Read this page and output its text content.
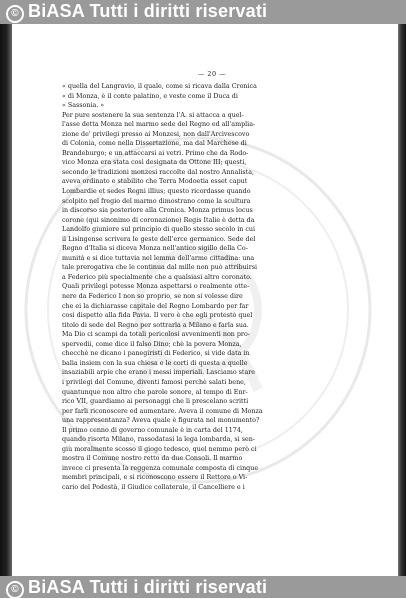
© BiASA Tutti i diritti riservati
— 20 —
« quella del Langravio, il quale, come si ricava dalla Cronica
« di Monza, è il conte palatino, e veste come il Duca di
« Sassonia. »
Per pure sostenere la sua sentenza l'A. si attacca a quel-
l'asse detta Monza nel marmo sede del Regno ed all'amplia-
zione de' privilegi presso ai Monzesi, non dall'Arcivescovo
di Colonia, come nella Dissertazione, ma dal Marchese di
Brandeburgo; e un attaccarsi ai vetri. Primo che da Rodo-
vico Monza era stata così designata da Ottone III; questi,
secondo le tradizioni monzesi raccolte dal nostro Annalista,
aveva ordinato e stabilito che Terra Modoetia esset caput
Lombardie et sedes Regni illius; questo ricordasse quando
scolpito nel fregio del marmo dimostrano come la scultura
in discorso sia posteriore alla Cronica. Monza primus locus
corone (qui sinonimo di coronazione) Regis Italie è detta da
Landolfo giuniore sul principio di quello stesso secolo in cui
il Lisingense scrivera le geste dell'erce germanico. Sede del
Regno d'Italia si diceva Monza nell'antico sigillo della Co-
munità e si dice tuttavia nel lemma dell'arme cittadina: una
tale prerogativa che le continua dal mille non può attribuirsi
a Federico più specialmente che a qualsiasi altro coronato.
Quali privilegi potesse Monza aspettarsi o realmente otte-
nere da Federico I non so proprio, se non si volesse dire
che ei la dichiarasse capitale del Regno Lombardo per far
così dispetto alla fida Pavia. Il vero è che egli protestò quel
titolo di sede del Regno per sottrarla a Milano e farla sua.
Ma Dio ci scampi da totali pericolosi avvenimenti non pro-
spervedii, come dice il falso Dino; chè la povera Monza,
checchè ne dicano i panegiristi di Federico, si vide data in
balia insiem con la sua chiesa e le corti di questa a quelle
insaziabili arpie che erano i messi imperiali. Lasciamo stare
i privilegi del Comune, diventi famosi perchè salati bene,
quantunque non altro che parole sonore, al tempo di Enr-
rico VII, guardiamo ai personaggi che li prescelano scritti
per farli riconoscere ed aumentare. Aveva il comune di Monza
una rappresentanza? Aveva quale è figurata nel monumento?
Il primo cenno di governo comunale è in carta del 1174,
quando risorta Milano, rassodatasi la lega lombarda, si sen-
giù moralmente scosso il giogo tedesco, quel nemmo però ci
mostra il Comune nostro retto da due Consoli. Il marmo
invece ci presenta la reggenza comunale composta di cinque
membri principali, e si riconoscono essere il Rettore o Vi-
cario del Podestà, il Giudice collaterale, il Cancelliere e i
© BiASA Tutti i diritti riservati
